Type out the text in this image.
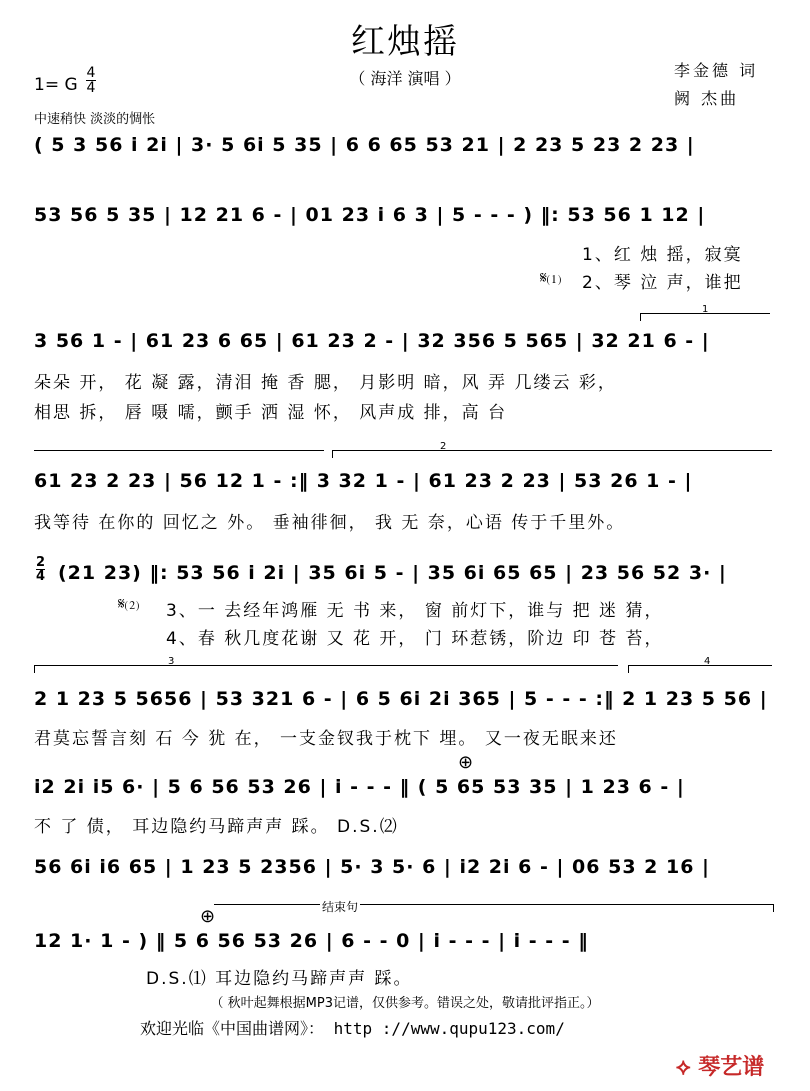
红烛摇
（ 海洋 演唱 ）	李金德 词
阙 杰曲
1= G
4
4
中速稍快 淡淡的惆怅
( 5 3 56 i 2i | 3· 5 6i 5 35 | 6 6 65 53 21 | 2 23 5 23 2 23 |
53 56 5 35 | 12 21 6 - | 01 23 i 6 3 | 5 - - - ) ‖: 53 56 1 12 |
1、红 烛 摇，寂寞
𝄋⑴ 2、琴 泣 声，谁把
1
3 56 1 - | 61 23 6 65 | 61 23 2 - | 32 356 5 565 | 32 21 6 - |
朵朵 开， 花 凝 露，清泪 掩 香 腮， 月影明 暗，风 弄 几缕云 彩，
相思 拆， 唇 嗫 嚅，颤手 洒 湿 怀， 风声成 排，高 台
2
61 23 2 23 | 56 12 1 - :‖ 3 32 1 - | 61 23 2 23 | 53 26 1 - |
我等待 在你的 回忆之 外。 垂袖徘徊， 我 无 奈，心语 传于千里外。
(21 23) ‖: 53 56 i 2i | 35 6i 5 - | 35 6i 65 65 | 23 56 52 3· |
2
4
𝄋⑵ 3、一 去经年鸿雁 无 书 来， 窗 前灯下，谁与 把 迷 猜，
4、春 秋几度花谢 又 花 开， 门 环惹锈，阶边 印 苍 苔，
3	4
2 1 23 5 5656 | 53 321 6 - | 6 5 6i 2i 365 | 5 - - - :‖ 2 1 23 5 56 |
君莫忘誓言刻 石 今 犹 在， 一支金钗我于枕下 埋。 又一夜无眠来还
⊕
i2 2i i5 6· | 5 6 56 53 26 | i - - - ‖ ( 5 65 53 35 | 1 23 6 - |
不 了 债， 耳边隐约马蹄声声 踩。 D.S.⑵
56 6i i6 65 | 1 23 5 2356 | 5· 3 5· 6 | i2 2i 6 - | 06 53 2 16 |
⊕	结束句
12 1· 1 - ) ‖ 5 6 56 53 26 | 6 - - 0 | i - - - | i - - - ‖
D.S.⑴ 耳边隐约马蹄声声 踩。
（ 秋叶起舞根据MP3记谱，仅供参考。错误之处，敬请批评指正。）
欢迎光临《中国曲谱网》： http ://www.qupu123.com/
⟡ 琴艺谱
